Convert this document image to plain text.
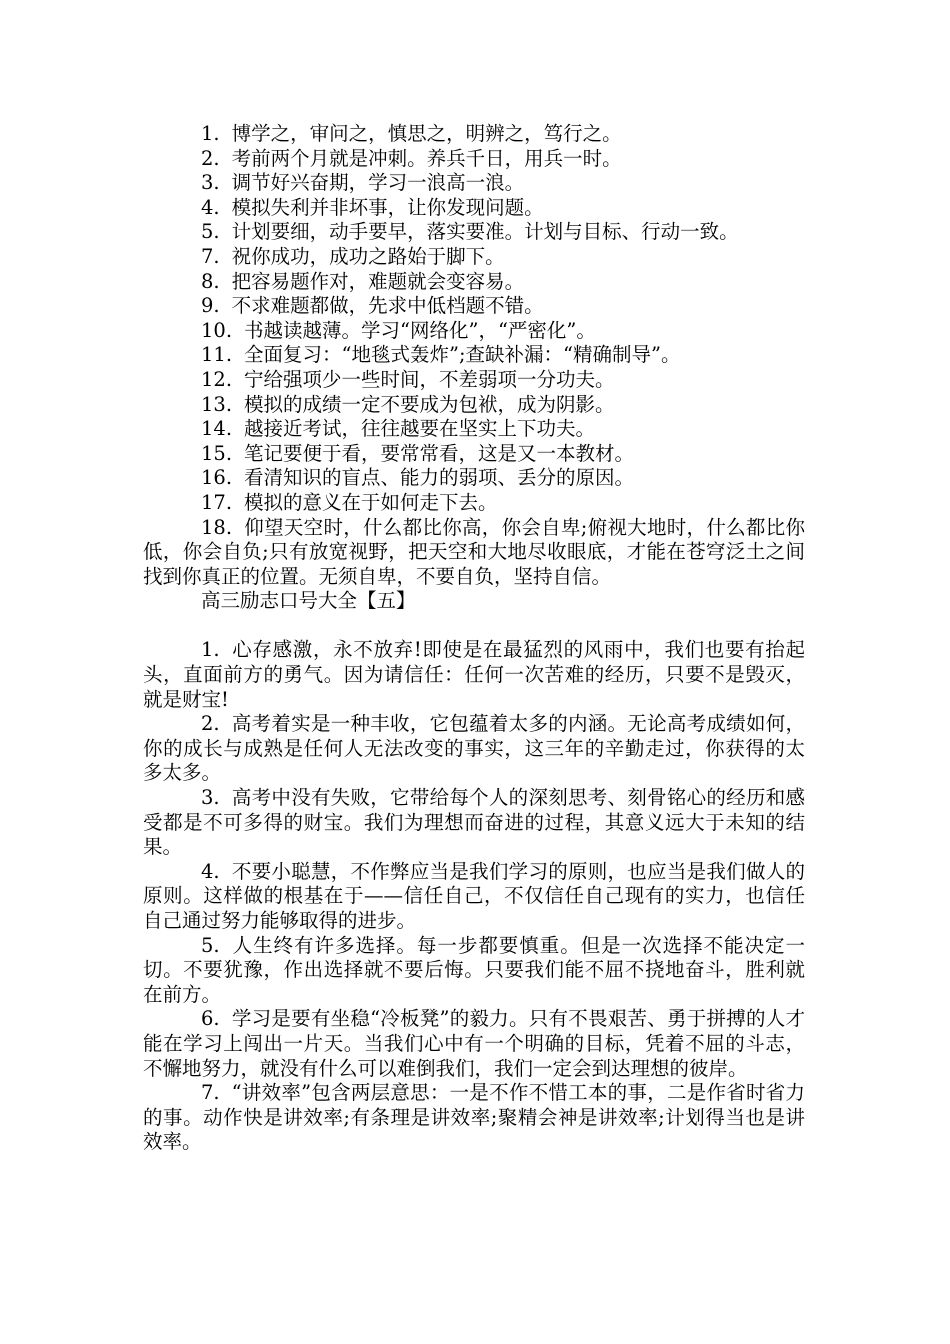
1. 博学之，审问之，慎思之，明辨之，笃行之。

2. 考前两个月就是冲刺。养兵千日，用兵一时。

3. 调节好兴奋期，学习一浪高一浪。

4. 模拟失利并非坏事，让你发现问题。

5. 计划要细，动手要早，落实要准。计划与目标、行动一致。

7. 祝你成功，成功之路始于脚下。

8. 把容易题作对，难题就会变容易。

9. 不求难题都做，先求中低档题不错。

10. 书越读越薄。学习“网络化”，“严密化”。

11. 全面复习：“地毯式轰炸”;查缺补漏：“精确制导”。

12. 宁给强项少一些时间，不差弱项一分功夫。

13. 模拟的成绩一定不要成为包袱，成为阴影。

14. 越接近考试，往往越要在坚实上下功夫。

15. 笔记要便于看，要常常看，这是又一本教材。

16. 看清知识的盲点、能力的弱项、丢分的原因。

17. 模拟的意义在于如何走下去。

18. 仰望天空时，什么都比你高，你会自卑;俯视大地时，什么都比你低，你会自负;只有放宽视野，把天空和大地尽收眼底，才能在苍穹泛土之间找到你真正的位置。无须自卑，不要自负，坚持自信。

高三励志口号大全【五】

1. 心存感激，永不放弃!即使是在最猛烈的风雨中，我们也要有抬起头，直面前方的勇气。因为请信任：任何一次苦难的经历，只要不是毁灭，就是财宝!

2. 高考着实是一种丰收，它包蕴着太多的内涵。无论高考成绩如何，你的成长与成熟是任何人无法改变的事实，这三年的辛勤走过，你获得的太多太多。

3. 高考中没有失败，它带给每个人的深刻思考、刻骨铭心的经历和感受都是不可多得的财宝。我们为理想而奋进的过程，其意义远大于未知的结果。

4. 不要小聪慧，不作弊应当是我们学习的原则，也应当是我们做人的原则。这样做的根基在于——信任自己，不仅信任自己现有的实力，也信任自己通过努力能够取得的进步。

5. 人生终有许多选择。每一步都要慎重。但是一次选择不能决定一切。不要犹豫，作出选择就不要后悔。只要我们能不屈不挠地奋斗，胜利就在前方。

6. 学习是要有坐稳“冷板凳”的毅力。只有不畏艰苦、勇于拼搏的人才能在学习上闯出一片天。当我们心中有一个明确的目标，凭着不屈的斗志，不懈地努力，就没有什么可以难倒我们，我们一定会到达理想的彼岸。

7. “讲效率”包含两层意思：一是不作不惜工本的事，二是作省时省力的事。动作快是讲效率;有条理是讲效率;聚精会神是讲效率;计划得当也是讲效率。
